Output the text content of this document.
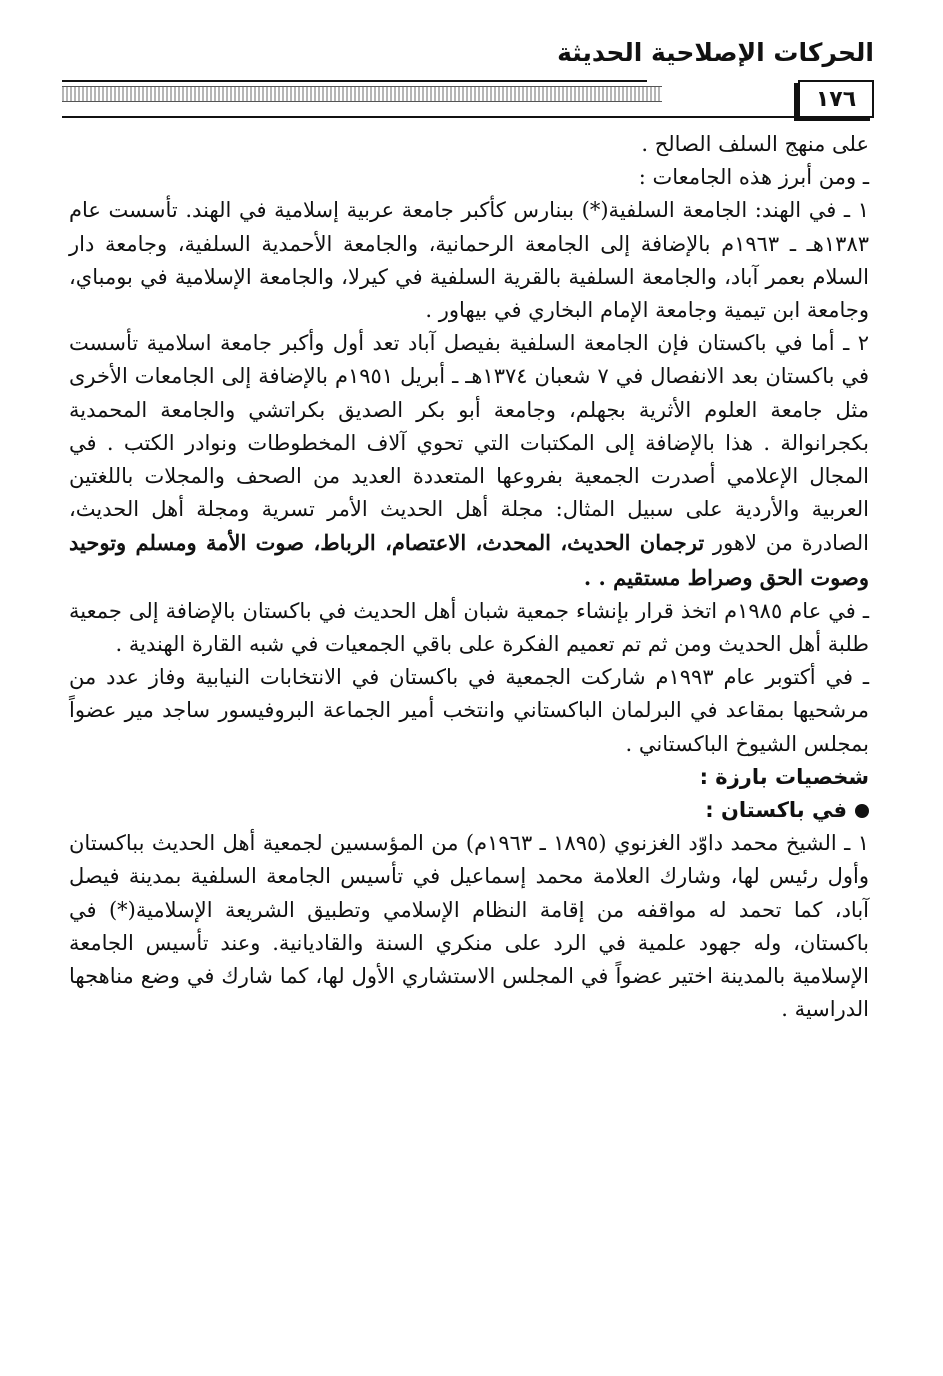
الحركات الإصلاحية الحديثة
١٧٦

على منهج السلف الصالح .

ـ ومن أبرز هذه الجامعات :

١ ـ في الهند: الجامعة السلفية(*) ببنارس كأكبر جامعة عربية إسلامية في الهند. تأسست عام ١٣٨٣هـ ـ ١٩٦٣م بالإضافة إلى الجامعة الرحمانية، والجامعة الأحمدية السلفية، وجامعة دار السلام بعمر آباد، والجامعة السلفية بالقرية السلفية في كيرلا، والجامعة الإسلامية في بومباي، وجامعة ابن تيمية وجامعة الإمام البخاري في بيهاور .

٢ ـ أما في باكستان فإن الجامعة السلفية بفيصل آباد تعد أول وأكبر جامعة اسلامية تأسست في باكستان بعد الانفصال في ٧ شعبان ١٣٧٤هـ ـ أبريل ١٩٥١م بالإضافة إلى الجامعات الأخرى مثل جامعة العلوم الأثرية بجهلم، وجامعة أبو بكر الصديق بكراتشي والجامعة المحمدية بكجرانوالة . هذا بالإضافة إلى المكتبات التي تحوي آلاف المخطوطات ونوادر الكتب . في المجال الإعلامي أصدرت الجمعية بفروعها المتعددة العديد من الصحف والمجلات باللغتين العربية والأردية على سبيل المثال: مجلة أهل الحديث الأمر تسرية ومجلة أهل الحديث، الصادرة من لاهور ترجمان الحديث، المحدث، الاعتصام، الرباط، صوت الأمة ومسلم وتوحيد وصوت الحق وصراط مستقيم . .

ـ في عام ١٩٨٥م اتخذ قرار بإنشاء جمعية شبان أهل الحديث في باكستان بالإضافة إلى جمعية طلبة أهل الحديث ومن ثم تم تعميم الفكرة على باقي الجمعيات في شبه القارة الهندية .

ـ في أكتوبر عام ١٩٩٣م شاركت الجمعية في باكستان في الانتخابات النيابية وفاز عدد من مرشحيها بمقاعد في البرلمان الباكستاني وانتخب أمير الجماعة البروفيسور ساجد مير عضواً بمجلس الشيوخ الباكستاني .

شخصيات بارزة :

في باكستان :

١ ـ الشيخ محمد داوّد الغزنوي (١٨٩٥ ـ ١٩٦٣م) من المؤسسين لجمعية أهل الحديث بباكستان وأول رئيس لها، وشارك العلامة محمد إسماعيل في تأسيس الجامعة السلفية بمدينة فيصل آباد، كما تحمد له مواقفه من إقامة النظام الإسلامي وتطبيق الشريعة الإسلامية(*) في باكستان، وله جهود علمية في الرد على منكري السنة والقاديانية. وعند تأسيس الجامعة الإسلامية بالمدينة اختير عضواً في المجلس الاستشاري الأول لها، كما شارك في وضع مناهجها الدراسية .
